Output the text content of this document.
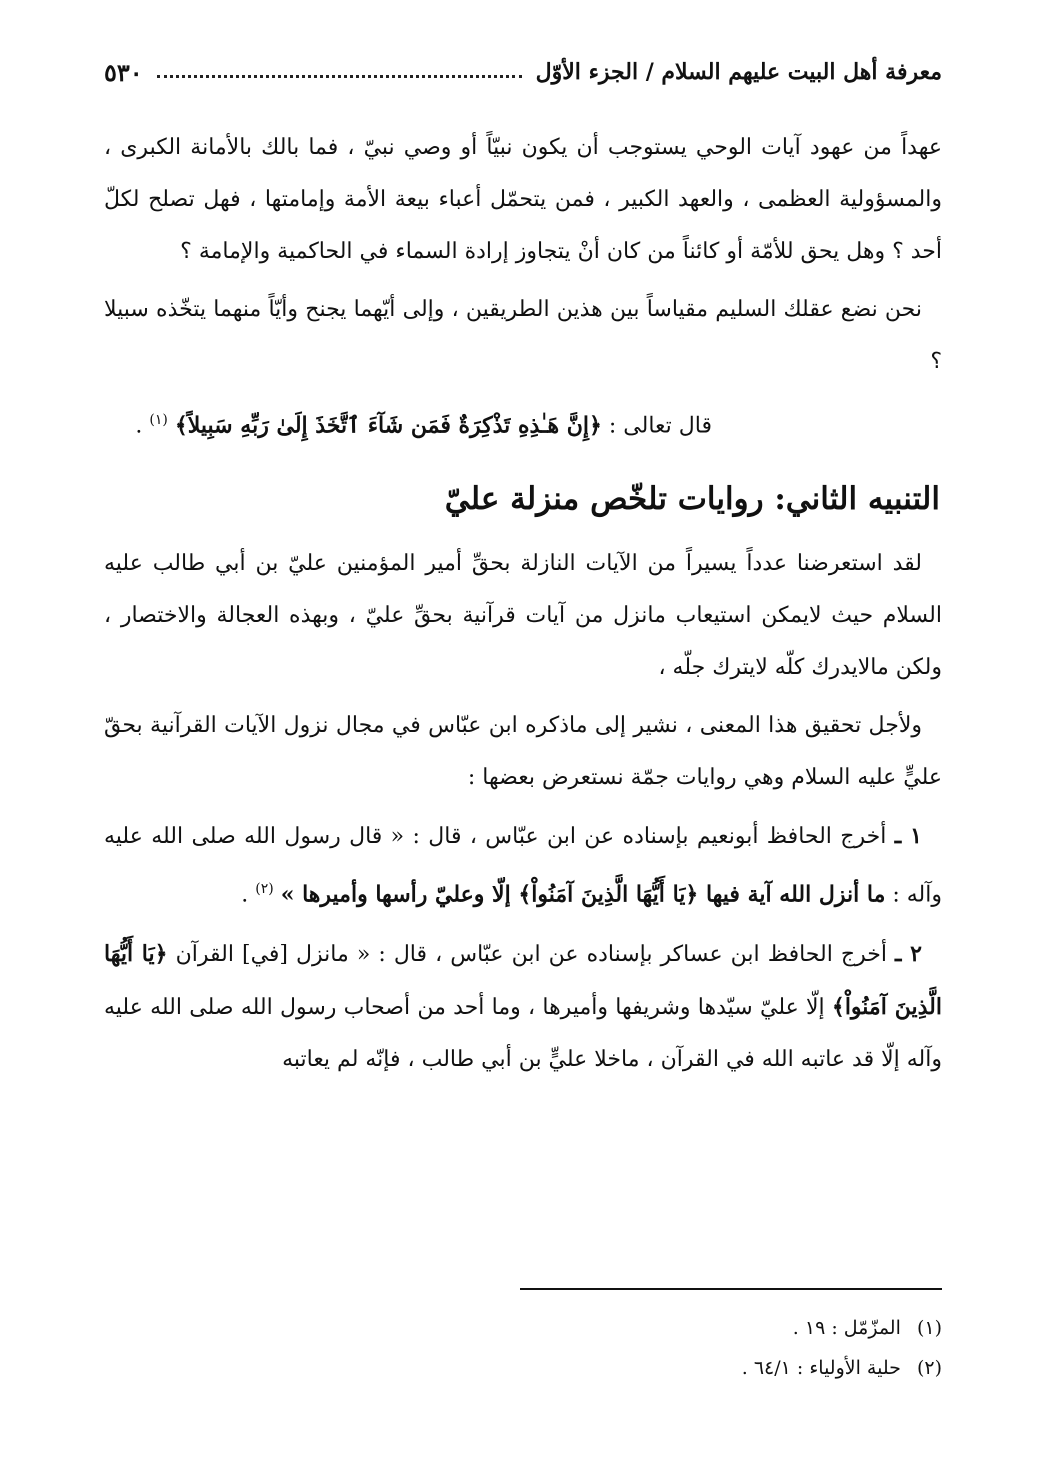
معرفة أهل البيت عليهم السلام / الجزء الأوّل
٥٣٠

عهداً من عهود آيات الوحي يستوجب أن يكون نبيّاً أو وصي نبيّ ، فما بالك بالأمانة الكبرى ، والمسؤولية العظمى ، والعهد الكبير ، فمن يتحمّل أعباء بيعة الأمة وإمامتها ، فهل تصلح لكلّ أحد ؟ وهل يحق للأمّة أو كائناً من كان أنْ يتجاوز إرادة السماء في الحاكمية والإمامة ؟

نحن نضع عقلك السليم مقياساً بين هذين الطريقين ، وإلى أيّهما يجنح وأيّاً منهما يتخّذه سبيلا ؟

قال تعالى : ﴿إِنَّ هَـٰذِهِ تَذْكِرَةٌ فَمَن شَآءَ ٱتَّخَذَ إِلَىٰ رَبِّهِ سَبِيلاً﴾ $^{(١)}$ .

التنبيه الثاني: روايات تلخّص منزلة عليّ

لقد استعرضنا عدداً يسيراً من الآيات النازلة بحقِّ أمير المؤمنين عليّ بن أبي طالب عليه السلام حيث لايمكن استيعاب مانزل من آيات قرآنية بحقِّ عليّ ، وبهذه العجالة والاختصار ، ولكن مالايدرك كلّه لايترك جلّه ،

ولأجل تحقيق هذا المعنى ، نشير إلى ماذكره ابن عبّاس في مجال نزول الآيات القرآنية بحقّ عليٍّ عليه السلام وهي روايات جمّة نستعرض بعضها :

١ ـ أخرج الحافظ أبونعيم بإسناده عن ابن عبّاس ، قال : « قال رسول الله صلى الله عليه وآله : ما أنزل الله آية فيها ﴿يَا أَيُّهَا الَّذِينَ آمَنُواْ﴾ إلّا وعليّ رأسها وأميرها » $^{(٢)}$ .

٢ ـ أخرج الحافظ ابن عساكر بإسناده عن ابن عبّاس ، قال : « مانزل [في] القرآن ﴿يَا أَيُّهَا الَّذِينَ آمَنُواْ﴾ إلّا عليّ سيّدها وشريفها وأميرها ، وما أحد من أصحاب رسول الله صلى الله عليه وآله إلّا قد عاتبه الله في القرآن ، ماخلا عليٍّ بن أبي طالب ، فإنّه لم يعاتبه

(١) المزّمّل : ١٩ .
(٢) حلية الأولياء : ٦٤/١ .
